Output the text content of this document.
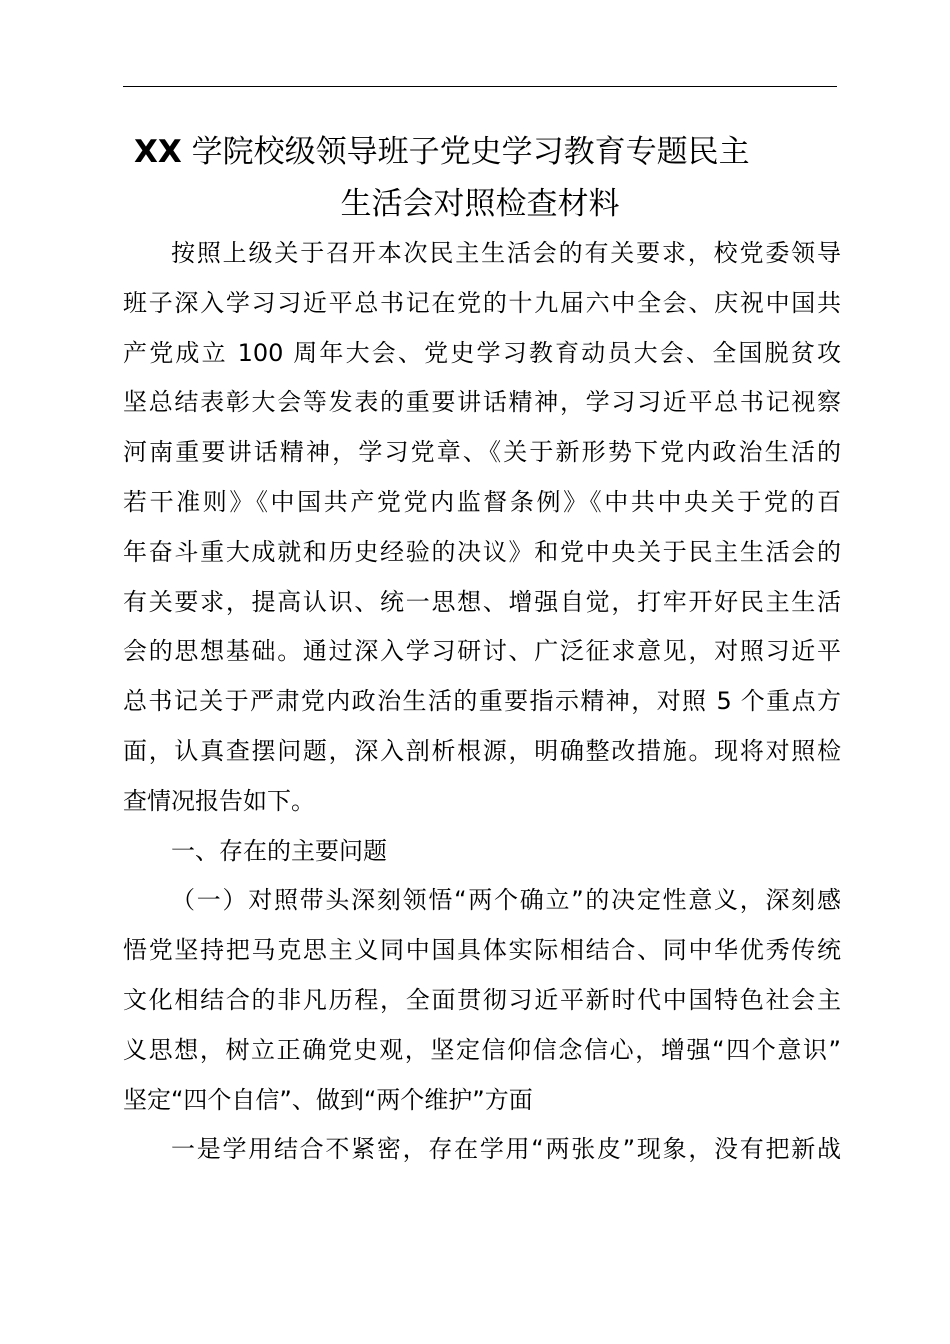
XX 学院校级领导班子党史学习教育专题民主
生活会对照检查材料
按照上级关于召开本次民主生活会的有关要求，校党委领导
班子深入学习习近平总书记在党的十九届六中全会、庆祝中国共
产党成立 100 周年大会、党史学习教育动员大会、全国脱贫攻
坚总结表彰大会等发表的重要讲话精神，学习习近平总书记视察
河南重要讲话精神，学习党章、《关于新形势下党内政治生活的
若干准则》《中国共产党党内监督条例》《中共中央关于党的百
年奋斗重大成就和历史经验的决议》和党中央关于民主生活会的
有关要求，提高认识、统一思想、增强自觉，打牢开好民主生活
会的思想基础。通过深入学习研讨、广泛征求意见，对照习近平
总书记关于严肃党内政治生活的重要指示精神，对照 5 个重点方
面，认真查摆问题，深入剖析根源，明确整改措施。现将对照检
查情况报告如下。
一、存在的主要问题
（一）对照带头深刻领悟“两个确立”的决定性意义，深刻感
悟党坚持把马克思主义同中国具体实际相结合、同中华优秀传统
文化相结合的非凡历程，全面贯彻习近平新时代中国特色社会主
义思想，树立正确党史观，坚定信仰信念信心，增强“四个意识”
坚定“四个自信”、做到“两个维护”方面
一是学用结合不紧密，存在学用“两张皮”现象，没有把新战
